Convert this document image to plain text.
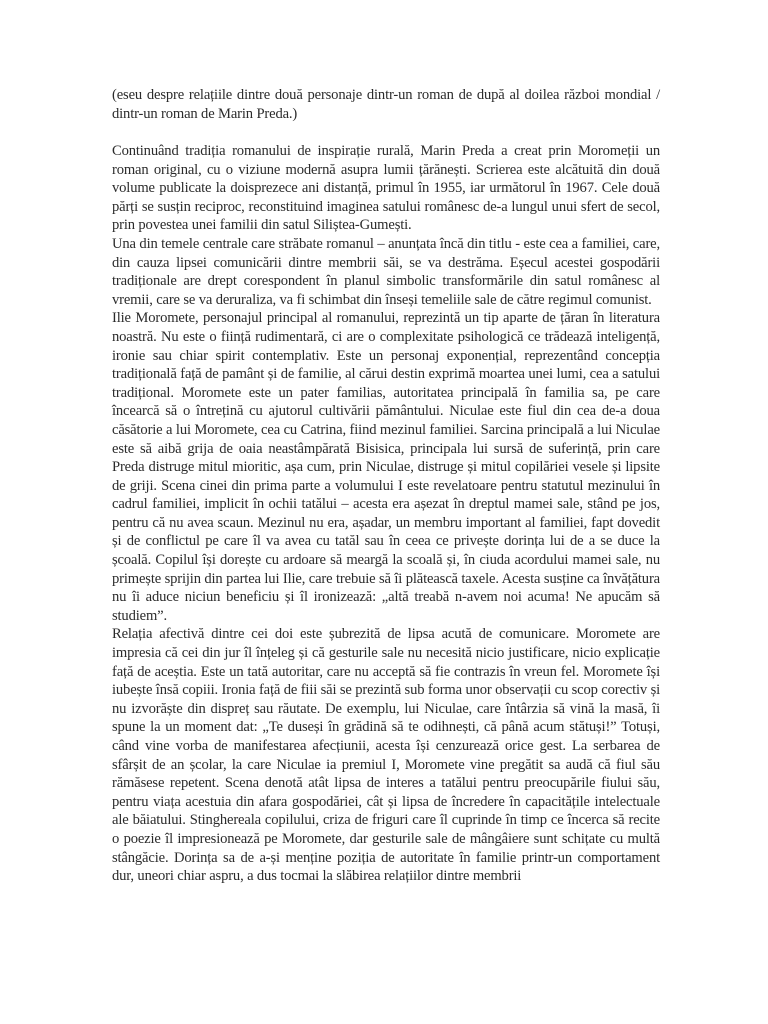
(eseu despre relațiile dintre două personaje dintr-un roman de după al doilea război mondial / dintr-un roman de Marin Preda.)

Continuând tradiția romanului de inspirație rurală, Marin Preda a creat prin Moromeții un roman original, cu o viziune modernă asupra lumii țărănești. Scrierea este alcătuită din două volume publicate la doisprezece ani distanță, primul în 1955, iar următorul în 1967. Cele două părți se susțin reciproc, reconstituind imaginea satului românesc de-a lungul unui sfert de secol, prin povestea unei familii din satul Siliștea-Gumești.

Una din temele centrale care străbate romanul – anunțata încă din titlu - este cea a familiei, care, din cauza lipsei comunicării dintre membrii săi, se va destrăma. Eșecul acestei gospodării tradiționale are drept corespondent în planul simbolic transformările din satul românesc al vremii, care se va deruraliza, va fi schimbat din înseși temeliile sale de către regimul comunist.

Ilie Moromete, personajul principal al romanului, reprezintă un tip aparte de țăran în literatura noastră. Nu este o ființă rudimentară, ci are o complexitate psihologică ce trădează inteligență, ironie sau chiar spirit contemplativ. Este un personaj exponențial, reprezentând concepția tradițională față de pamânt și de familie, al cărui destin exprimă moartea unei lumi, cea a satului tradițional. Moromete este un pater familias, autoritatea principală în familia sa, pe care încearcă să o întrețină cu ajutorul cultivării pământului. Niculae este fiul din cea de-a doua căsătorie a lui Moromete, cea cu Catrina, fiind mezinul familiei. Sarcina principală a lui Niculae este să aibă grija de oaia neastâmpărată Bisisica, principala lui sursă de suferință, prin care Preda distruge mitul mioritic, așa cum, prin Niculae, distruge și mitul copilăriei vesele și lipsite de griji. Scena cinei din prima parte a volumului I este revelatoare pentru statutul mezinului în cadrul familiei, implicit în ochii tatălui – acesta era așezat în dreptul mamei sale, stând pe jos, pentru că nu avea scaun. Mezinul nu era, așadar, un membru important al familiei, fapt dovedit și de conflictul pe care îl va avea cu tatăl sau în ceea ce privește dorința lui de a se duce la școală. Copilul își dorește cu ardoare să meargă la scoală și, în ciuda acordului mamei sale, nu primește sprijin din partea lui Ilie, care trebuie să îi plătească taxele. Acesta susține ca învățătura nu îi aduce niciun beneficiu și îl ironizează: „altă treabă n-avem noi acuma! Ne apucăm să studiem”.

Relația afectivă dintre cei doi este șubrezită de lipsa acută de comunicare. Moromete are impresia că cei din jur îl înțeleg și că gesturile sale nu necesită nicio justificare, nicio explicație față de aceștia. Este un tată autoritar, care nu acceptă să fie contrazis în vreun fel. Moromete își iubește însă copiii. Ironia față de fiii săi se prezintă sub forma unor observații cu scop corectiv și nu izvorăște din dispreț sau răutate. De exemplu, lui Niculae, care întârzia să vină la masă, îi spune la un moment dat: „Te duseși în grădină să te odihnești, că până acum stătuși!” Totuși, când vine vorba de manifestarea afecțiunii, acesta își cenzurează orice gest. La serbarea de sfârșit de an școlar, la care Niculae ia premiul I, Moromete vine pregătit sa audă că fiul său rămăsese repetent. Scena denotă atât lipsa de interes a tatălui pentru preocupările fiului său, pentru viața acestuia din afara gospodăriei, cât și lipsa de încredere în capacitățile intelectuale ale băiatului. Stinghereala copilului, criza de friguri care îl cuprinde în timp ce încerca să recite o poezie îl impresionează pe Moromete, dar gesturile sale de mângâiere sunt schițate cu multă stângăcie. Dorința sa de a-și menține poziția de autoritate în familie printr-un comportament dur, uneori chiar aspru, a dus tocmai la slăbirea relațiilor dintre membrii
